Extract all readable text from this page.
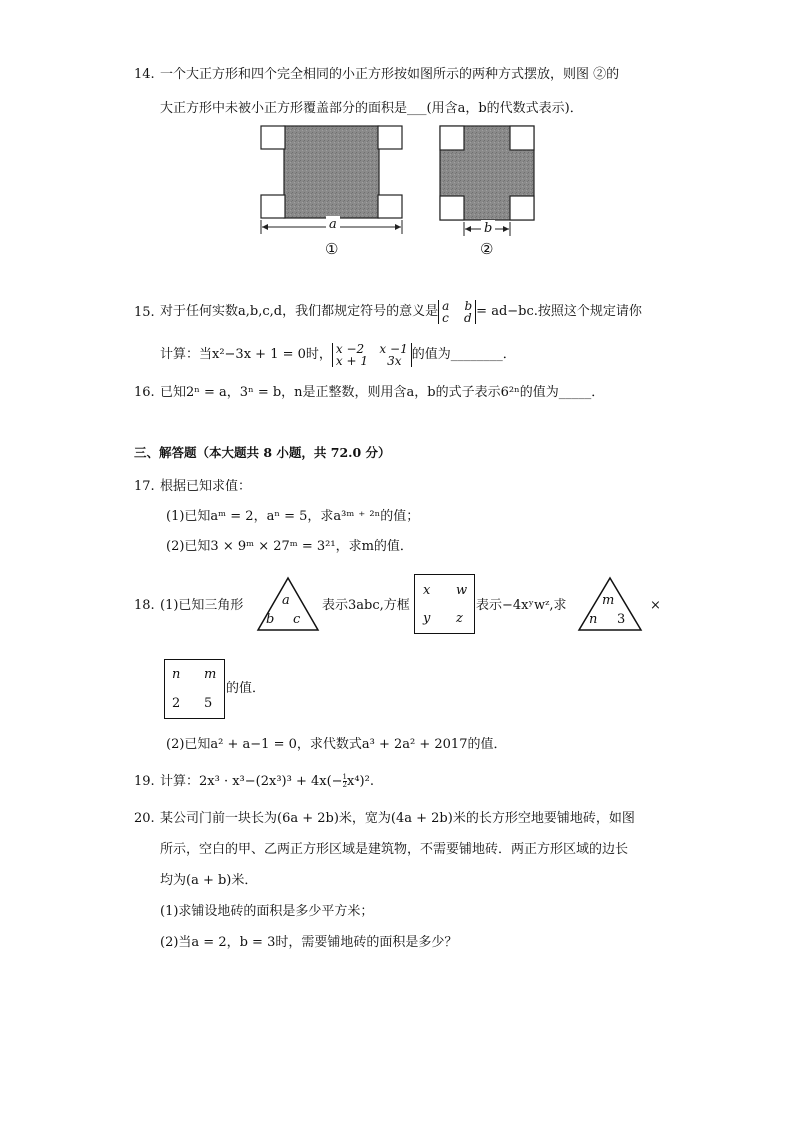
14. 一个大正方形和四个完全相同的小正方形按如图所示的两种方式摆放，则图 ②的
大正方形中未被小正方形覆盖部分的面积是___(用含a，b的代数式表示)．
a
①
b
②
15. 对于任何实数a,b,c,d，我们都规定符号的意义是 a    b
c    d = ad−bc.按照这个规定请你
计算：当x²−3x + 1 = 0时， x −2    x −1
x + 1     3x 的值为________．
16. 已知2ⁿ = a，3ⁿ = b，n是正整数，则用含a，b的式子表示6²ⁿ的值为_____．
三、解答题（本大题共 8 小题，共 72.0 分）
17. 根据已知求值：
(1)已知aᵐ = 2，aⁿ = 5，求a³ᵐ ⁺ ²ⁿ的值；
(2)已知3 × 9ᵐ × 27ᵐ = 3²¹，求m的值．
18. (1)已知三角形	a
b c
表示3abc,方框
x w
y z
表示−4xʸwᶻ,求	m
n 3
×
n m
2 5
的值．
(2)已知a² + a−1 = 0，求代数式a³ + 2a² + 2017的值．
19. 计算：$2x^3 \cdot x^3-(2x^3)^3 + 4x(- \frac{1}{2} x^4)^2$.
20. 某公司门前一块长为(6a + 2b)米，宽为(4a + 2b)米的长方形空地要铺地砖，如图
所示，空白的甲、乙两正方形区域是建筑物，不需要铺地砖．两正方形区域的边长
均为(a + b)米．
(1)求铺设地砖的面积是多少平方米；
(2)当a = 2，b = 3时，需要铺地砖的面积是多少？
